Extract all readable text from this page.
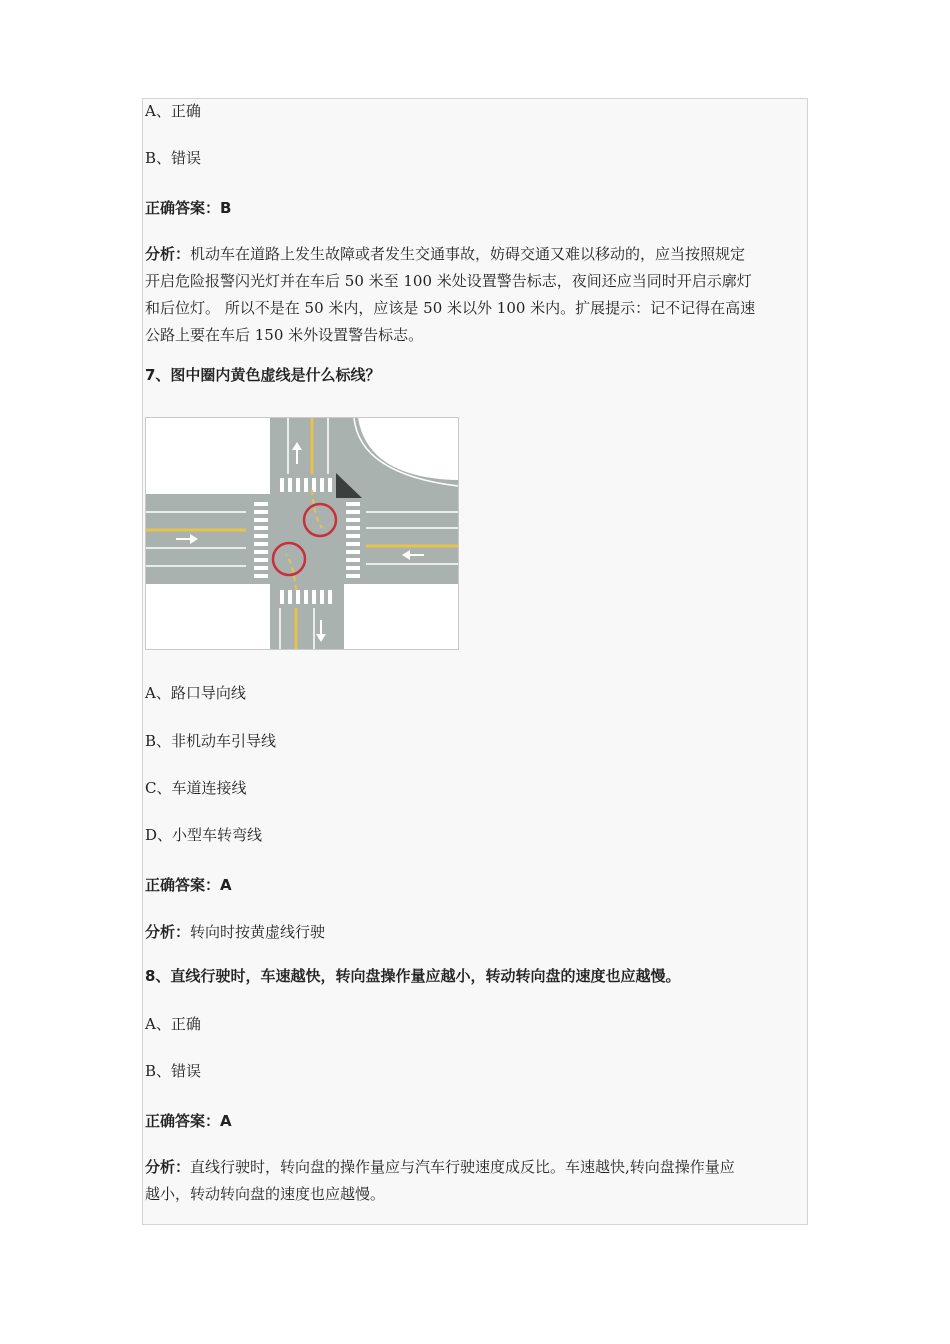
A、正确
B、错误
正确答案：B

分析：机动车在道路上发生故障或者发生交通事故，妨碍交通又难以移动的，应当按照规定

开启危险报警闪光灯并在车后 50 米至 100 米处设置警告标志，夜间还应当同时开启示廓灯

和后位灯。 所以不是在 50 米内，应该是 50 米以外 100 米内。扩展提示：记不记得在高速

公路上要在车后 150 米外设置警告标志。

7、图中圈内黄色虚线是什么标线？
A、路口导向线
B、非机动车引导线
C、车道连接线
D、小型车转弯线
正确答案：A
分析：转向时按黄虚线行驶
8、直线行驶时，车速越快，转向盘操作量应越小，转动转向盘的速度也应越慢。
A、正确
B、错误
正确答案：A

分析：直线行驶时，转向盘的操作量应与汽车行驶速度成反比。车速越快,转向盘操作量应

越小，转动转向盘的速度也应越慢。
